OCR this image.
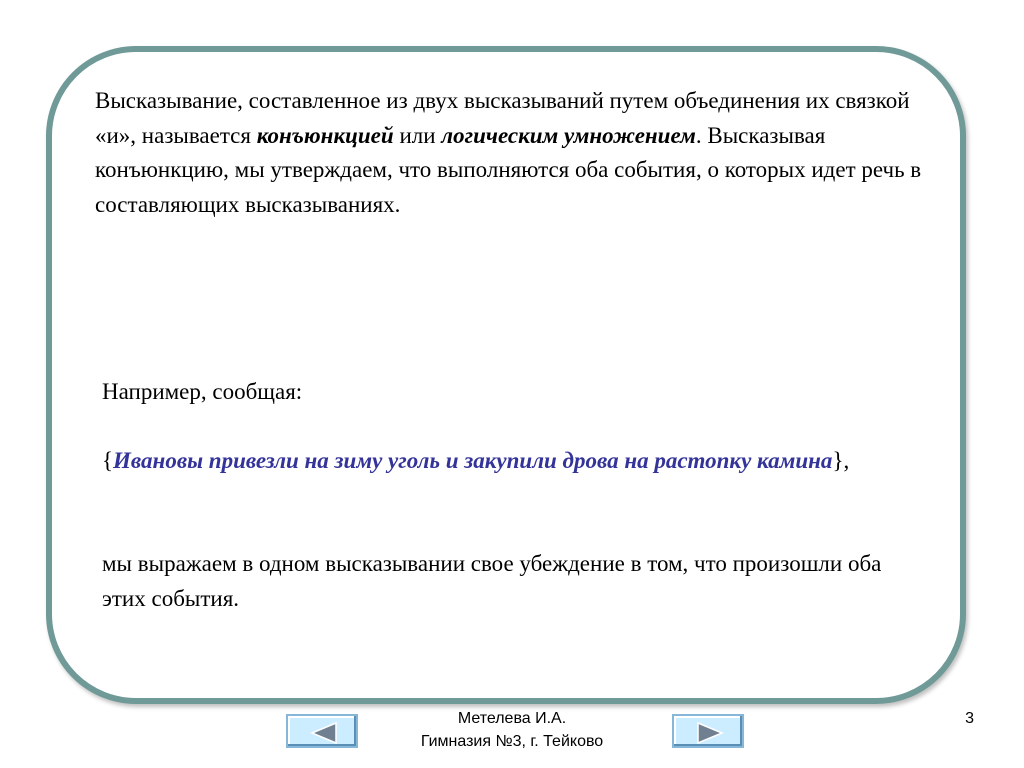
Высказывание, составленное из двух высказываний путем объединения их связкой «и», называется конъюнкцией или логическим умножением. Высказывая конъюнкцию, мы утверждаем, что выполняются оба события, о которых идет речь в составляющих высказываниях.

Например, сообщая:

{Ивановы привезли на зиму уголь и закупили дрова на растопку камина},

мы выражаем в одном высказывании свое убеждение в том, что произошли оба этих события.

Метелева И.А.
Гимназия №3, г. Тейково
3
